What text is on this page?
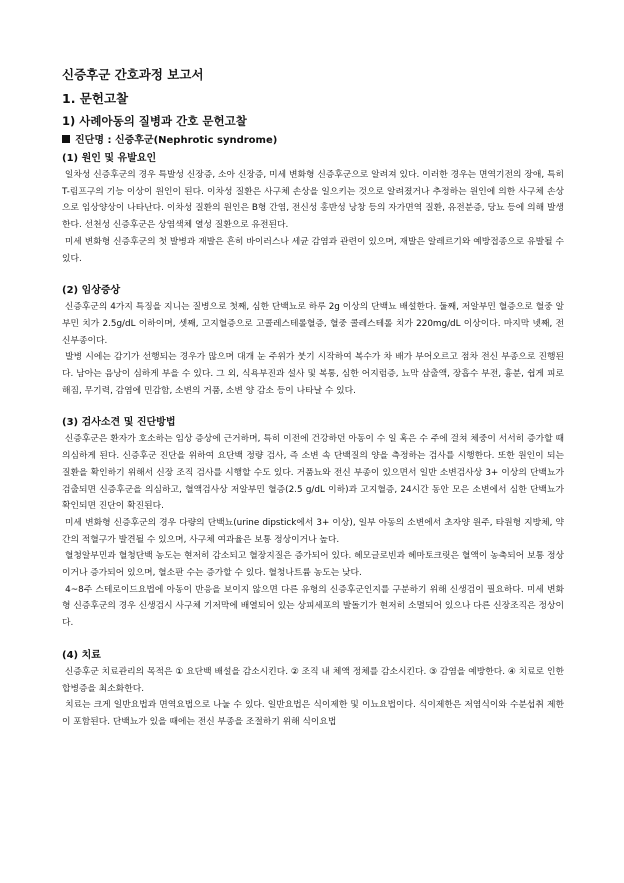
신증후군 간호과정 보고서
1. 문헌고찰
1) 사례아동의 질병과 간호 문헌고찰
진단명 : 신증후군(Nephrotic syndrome)
(1) 원인 및 유발요인

일차성 신증후군의 경우 특발성 신장증, 소아 신장증, 미세 변화형 신증후군으로 알려져 있다. 이러한 경우는 면역기전의 장애, 특히 T-림프구의 기능 이상이 원인이 된다. 이차성 질환은 사구체 손상을 일으키는 것으로 알려졌거나 추정하는 원인에 의한 사구체 손상으로 임상양상이 나타난다. 이차성 질환의 원인은 B형 간염, 전신성 홍반성 낭창 등의 자가면역 질환, 유전분증, 당뇨 등에 의해 발생한다. 선천성 신증후군은 상염색체 열성 질환으로 유전된다.

미세 변화형 신증후군의 첫 발병과 재발은 흔히 바이러스나 세균 감염과 관련이 있으며, 재발은 알레르기와 예방접종으로 유발될 수 있다.

(2) 임상증상

신증후군의 4가지 특징을 지니는 질병으로 첫째, 심한 단백뇨로 하루 2g 이상의 단백뇨 배설한다. 둘째, 저알부민 혈증으로 혈중 알부민 치가 2.5g/dL 이하이며, 셋째, 고지혈증으로 고콜레스테롤혈증, 혈중 콜레스테롤 치가 220mg/dL 이상이다. 마지막 넷째, 전신부종이다.

발병 시에는 감기가 선행되는 경우가 많으며 대개 눈 주위가 붓기 시작하여 복수가 차 배가 부어오르고 점차 전신 부종으로 진행된다. 남아는 음낭이 심하게 부을 수 있다. 그 외, 식욕부진과 설사 및 복통, 심한 어지럼증, 뇨막 삼출액, 장흡수 부전, 흉분, 쉽게 피로해짐, 무기력, 감염에 민감함, 소변의 거품, 소변 양 감소 등이 나타날 수 있다.

(3) 검사소견 및 진단방법

신증후군은 환자가 호소하는 임상 증상에 근거하며, 특히 이전에 건강하던 아동이 수 일 혹은 수 주에 걸쳐 체중이 서서히 증가할 때 의심하게 된다. 신증후군 진단을 위하여 요단백 정량 검사, 즉 소변 속 단백질의 양을 측정하는 검사를 시행한다. 또한 원인이 되는 질환을 확인하기 위해서 신장 조직 검사를 시행할 수도 있다. 거품뇨와 전신 부종이 있으면서 일반 소변검사상 3+ 이상의 단백뇨가 검출되면 신증후군을 의심하고, 혈액검사상 저알부민 혈증(2.5 g/dL 이하)과 고지혈증, 24시간 동안 모은 소변에서 심한 단백뇨가 확인되면 진단이 확진된다.

미세 변화형 신증후군의 경우 다량의 단백뇨(urine dipstick에서 3+ 이상), 일부 아동의 소변에서 초자양 원주, 타원형 지방체, 약간의 적혈구가 발견될 수 있으며, 사구체 여과율은 보통 정상이거나 높다.

혈청알부민과 혈청단백 농도는 현저히 감소되고 혈장지질은 증가되어 있다. 헤모글로빈과 헤마토크릿은 혈액이 농축되어 보통 정상이거나 증가되어 있으며, 혈소판 수는 증가할 수 있다. 혈청나트륨 농도는 낮다.

4~8주 스테로이드요법에 아동이 반응을 보이지 않으면 다른 유형의 신증후군인지를 구분하기 위해 신생검이 필요하다. 미세 변화형 신증후군의 경우 신생검시 사구체 기저막에 배열되어 있는 상피세포의 발돌기가 현저히 소멸되어 있으나 다른 신장조직은 정상이다.

(4) 치료

신증후군 치료관리의 목적은 ① 요단백 배설을 감소시킨다. ② 조직 내 체액 정체를 감소시킨다. ③ 감염을 예방한다. ④ 치료로 인한 합병증을 최소화한다.

치료는 크게 일반요법과 면역요법으로 나눌 수 있다. 일반요법은 식이제한 및 이뇨요법이다. 식이제한은 저염식이와 수분섭취 제한이 포함된다. 단백뇨가 있을 때에는 전신 부종을 조절하기 위해 식이요법
